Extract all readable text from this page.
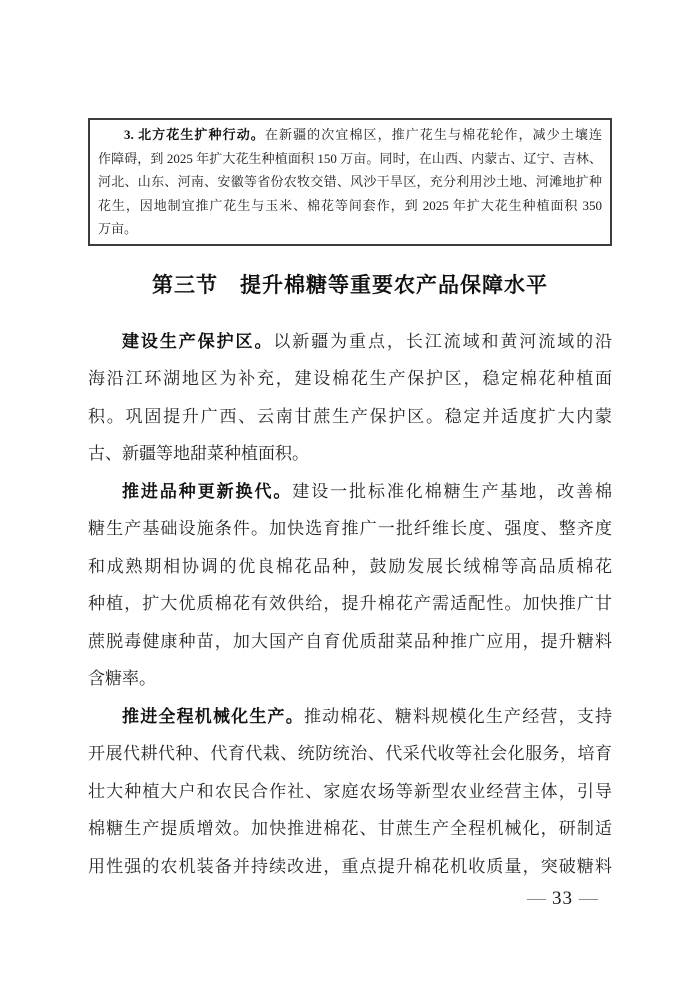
3. 北方花生扩种行动。在新疆的次宜棉区，推广花生与棉花轮作，减少土壤连
作障碍，到 2025 年扩大花生种植面积 150 万亩。同时，在山西、内蒙古、辽宁、吉林、
河北、山东、河南、安徽等省份农牧交错、风沙干旱区，充分利用沙土地、河滩地扩种
花生，因地制宜推广花生与玉米、棉花等间套作，到 2025 年扩大花生种植面积 350
万亩。
第三节　提升棉糖等重要农产品保障水平
建设生产保护区。以新疆为重点，长江流域和黄河流域的沿
海沿江环湖地区为补充，建设棉花生产保护区，稳定棉花种植面
积。巩固提升广西、云南甘蔗生产保护区。稳定并适度扩大内蒙
古、新疆等地甜菜种植面积。
推进品种更新换代。建设一批标准化棉糖生产基地，改善棉
糖生产基础设施条件。加快选育推广一批纤维长度、强度、整齐度
和成熟期相协调的优良棉花品种，鼓励发展长绒棉等高品质棉花
种植，扩大优质棉花有效供给，提升棉花产需适配性。加快推广甘
蔗脱毒健康种苗，加大国产自育优质甜菜品种推广应用，提升糖料
含糖率。
推进全程机械化生产。推动棉花、糖料规模化生产经营，支持
开展代耕代种、代育代栽、统防统治、代采代收等社会化服务，培育
壮大种植大户和农民合作社、家庭农场等新型农业经营主体，引导
棉糖生产提质增效。加快推进棉花、甘蔗生产全程机械化，研制适
用性强的农机装备并持续改进，重点提升棉花机收质量，突破糖料
— 33 —
